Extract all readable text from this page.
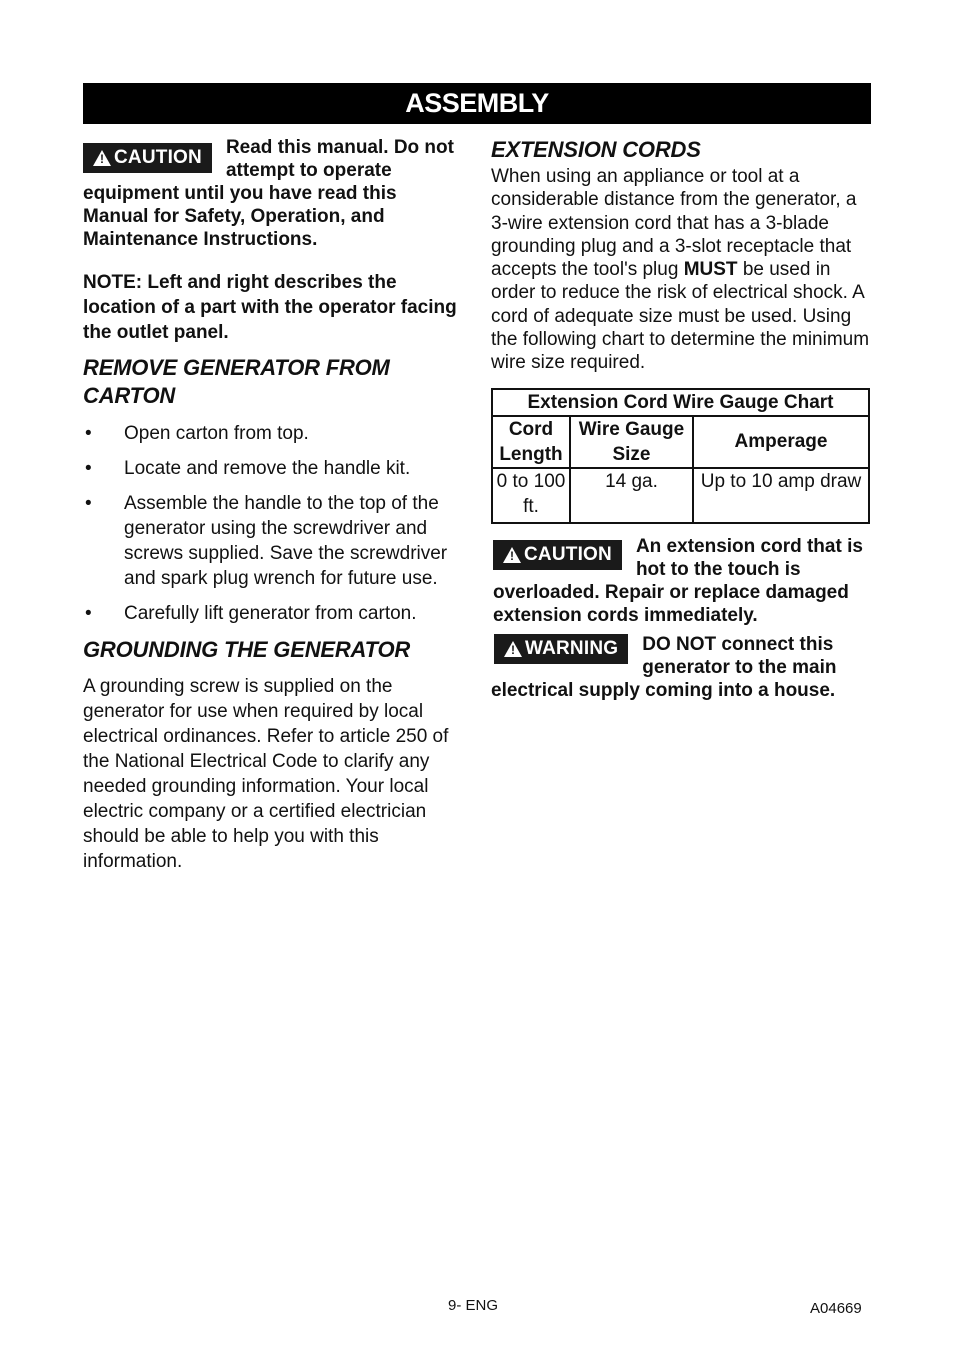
ASSEMBLY
! CAUTION	Read this manual. Do not attempt to operate equipment until you have read this Manual for Safety, Operation, and Maintenance Instructions.

NOTE: Left and right describes the location of a part with the operator facing the outlet panel.

REMOVE GENERATOR FROM CARTON
• Open carton from top.
• Locate and remove the handle kit.
• Assemble the handle to the top of the generator using the screwdriver and screws supplied. Save the screwdriver and spark plug wrench for future use.
• Carefully lift generator from carton.
GROUNDING THE GENERATOR

A grounding screw is supplied on the generator for use when required by local electrical ordinances. Refer to article 250 of the National Electrical Code to clarify any needed grounding information. Your local electric company or a certified electrician should be able to help you with this information.

EXTENSION CORDS

When using an appliance or tool at a considerable distance from the generator, a 3-wire extension cord that has a 3-blade grounding plug and a 3-slot receptacle that accepts the tool's plug MUST be used in order to reduce the risk of electrical shock. A cord of adequate size must be used. Using the following chart to determine the minimum wire size required.

Extension Cord Wire Gauge Chart		
Cord Length	Wire Gauge Size	Amperage
0 to 100 ft.	14 ga.	Up to 10 amp draw
! CAUTION	An extension cord that is hot to the touch is overloaded. Repair or replace damaged extension cords immediately.

! WARNING	DO NOT connect this generator to the main electrical supply coming into a house.

9- ENG	A04669
